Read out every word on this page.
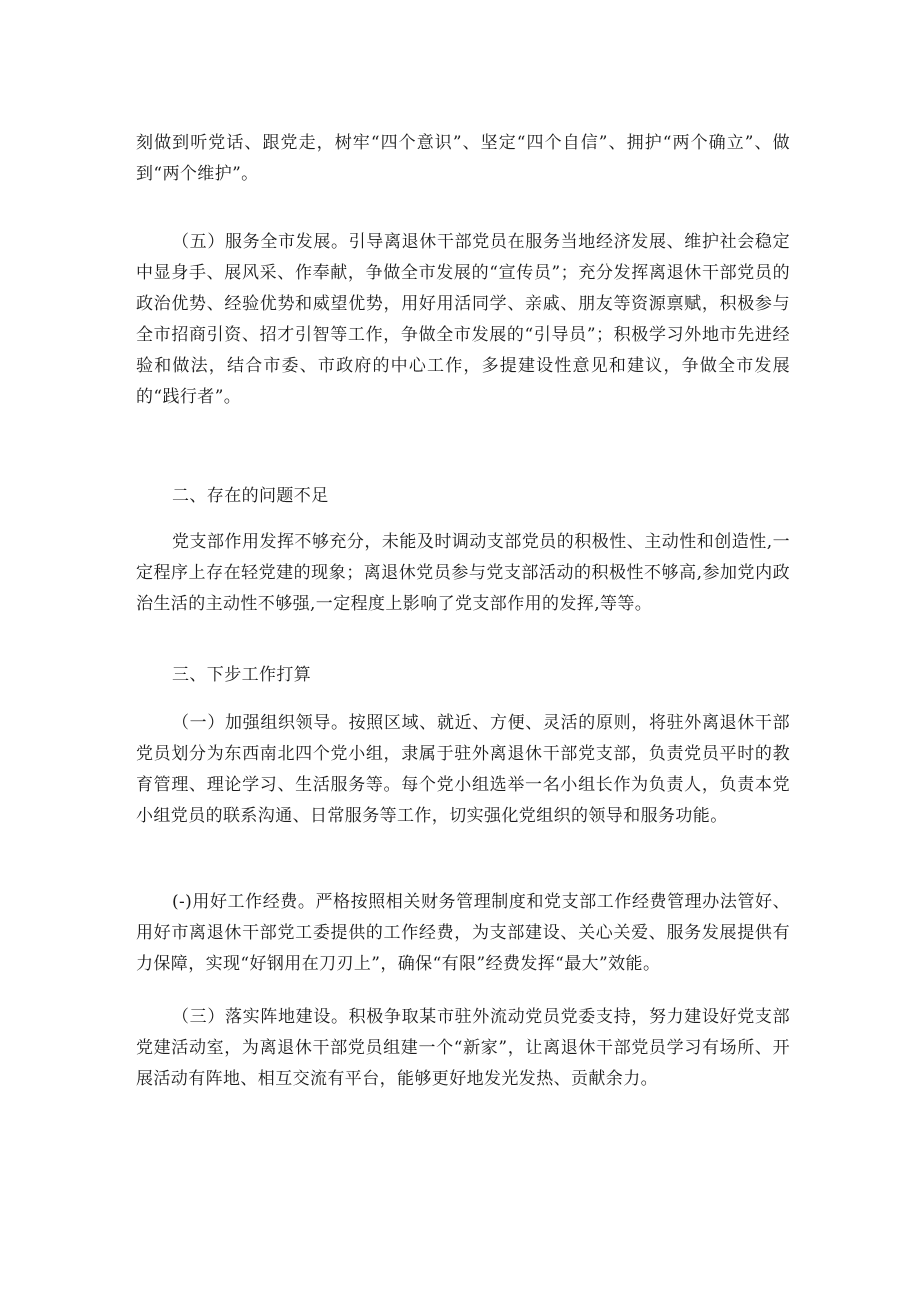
刻做到听党话、跟党走，树牢“四个意识”、坚定“四个自信”、拥护“两个确立”、做到“两个维护”。

（五）服务全市发展。引导离退休干部党员在服务当地经济发展、维护社会稳定中显身手、展风采、作奉献，争做全市发展的“宣传员”；充分发挥离退休干部党员的政治优势、经验优势和威望优势，用好用活同学、亲戚、朋友等资源禀赋，积极参与全市招商引资、招才引智等工作，争做全市发展的“引导员”；积极学习外地市先进经验和做法，结合市委、市政府的中心工作，多提建设性意见和建议，争做全市发展的“践行者”。

二、存在的问题不足

党支部作用发挥不够充分，未能及时调动支部党员的积极性、主动性和创造性,一定程序上存在轻党建的现象；离退休党员参与党支部活动的积极性不够高,参加党内政治生活的主动性不够强,一定程度上影响了党支部作用的发挥,等等。

三、下步工作打算

（一）加强组织领导。按照区域、就近、方便、灵活的原则，将驻外离退休干部党员划分为东西南北四个党小组，隶属于驻外离退休干部党支部，负责党员平时的教育管理、理论学习、生活服务等。每个党小组选举一名小组长作为负责人，负责本党小组党员的联系沟通、日常服务等工作，切实强化党组织的领导和服务功能。

(-)用好工作经费。严格按照相关财务管理制度和党支部工作经费管理办法管好、用好市离退休干部党工委提供的工作经费，为支部建设、关心关爱、服务发展提供有力保障，实现“好钢用在刀刃上”，确保“有限”经费发挥“最大”效能。

（三）落实阵地建设。积极争取某市驻外流动党员党委支持，努力建设好党支部党建活动室，为离退休干部党员组建一个“新家”，让离退休干部党员学习有场所、开展活动有阵地、相互交流有平台，能够更好地发光发热、贡献余力。
